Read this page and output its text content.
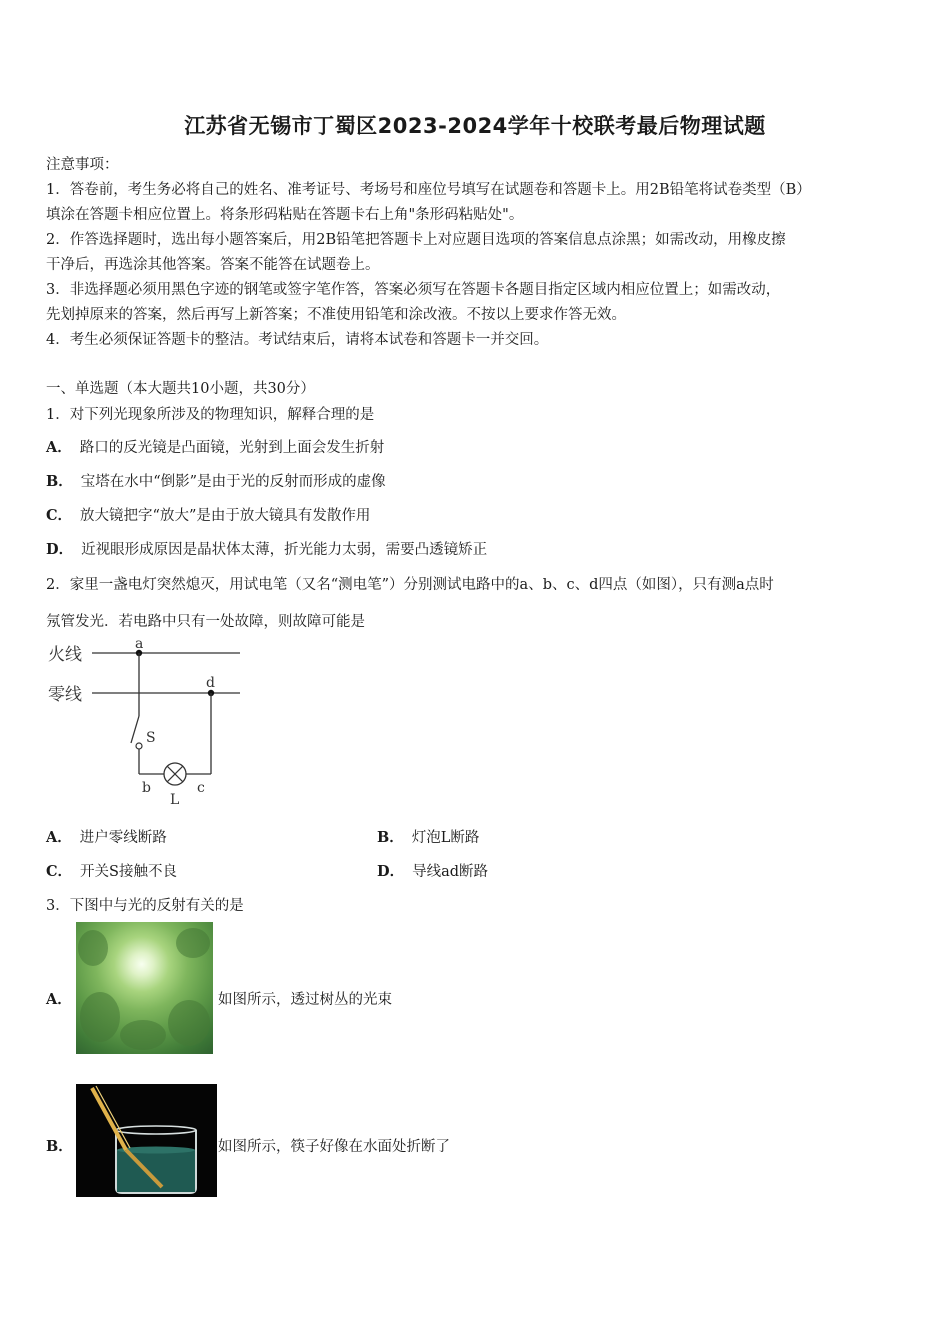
江苏省无锡市丁蜀区2023-2024学年十校联考最后物理试题
注意事项：
1．答卷前，考生务必将自己的姓名、准考证号、考场号和座位号填写在试题卷和答题卡上。用2B铅笔将试卷类型（B）
填涂在答题卡相应位置上。将条形码粘贴在答题卡右上角"条形码粘贴处"。
2．作答选择题时，选出每小题答案后，用2B铅笔把答题卡上对应题目选项的答案信息点涂黑；如需改动，用橡皮擦
干净后，再选涂其他答案。答案不能答在试题卷上。
3．非选择题必须用黑色字迹的钢笔或签字笔作答，答案必须写在答题卡各题目指定区域内相应位置上；如需改动，
先划掉原来的答案，然后再写上新答案；不准使用铅笔和涂改液。不按以上要求作答无效。
4．考生必须保证答题卡的整洁。考试结束后，请将本试卷和答题卡一并交回。
一、单选题（本大题共10小题，共30分）
1．对下列光现象所涉及的物理知识，解释合理的是
A． 路口的反光镜是凸面镜，光射到上面会发生折射
B． 宝塔在水中“倒影”是由于光的反射而形成的虚像
C． 放大镜把字“放大”是由于放大镜具有发散作用
D． 近视眼形成原因是晶状体太薄，折光能力太弱，需要凸透镜矫正
2．家里一盏电灯突然熄灭，用试电笔（又名“测电笔”）分别测试电路中的a、b、c、d四点（如图），只有测a点时
氖管发光．若电路中只有一处故障，则故障可能是
火线
零线
a
d
S
b	c
L
A． 进户零线断路	B． 灯泡L断路
C． 开关S接触不良	D． 导线ad断路
3．下图中与光的反射有关的是
A．	如图所示，透过树丛的光束
B．	如图所示，筷子好像在水面处折断了
